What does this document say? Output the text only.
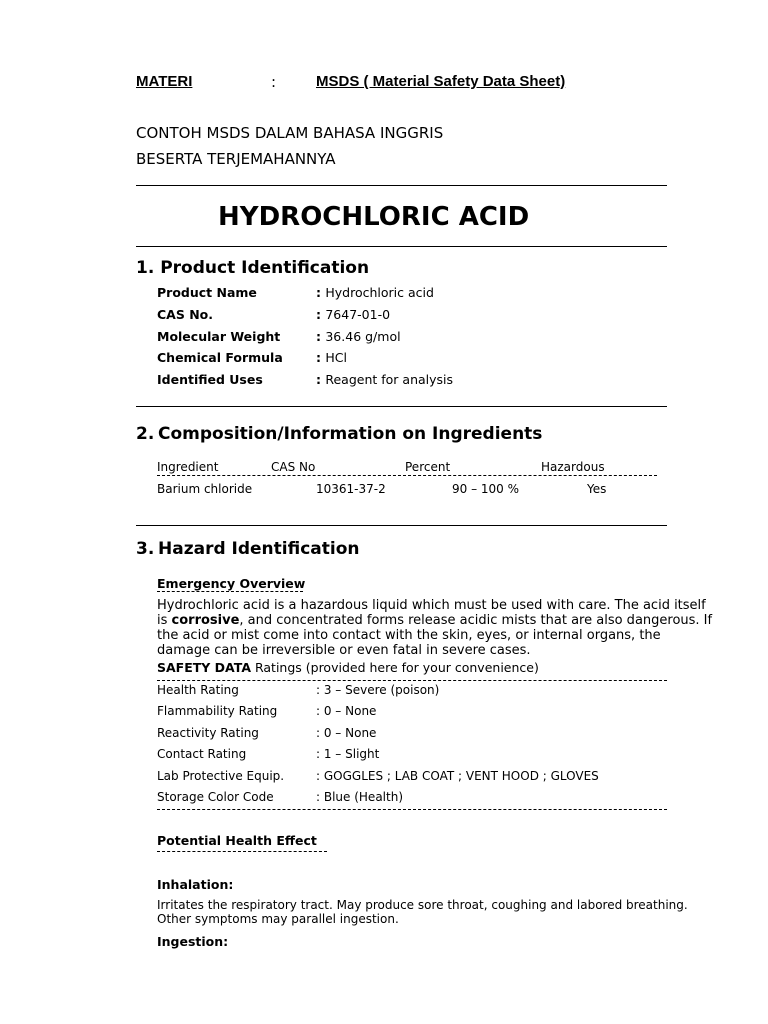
MATERI	:	MSDS ( Material Safety Data Sheet)
CONTOH MSDS DALAM BAHASA INGGRIS
BESERTA TERJEMAHANNYA
HYDROCHLORIC ACID
1. Product Identification
Product Name	: Hydrochloric acid
CAS No.	: 7647-01-0
Molecular Weight	: 36.46 g/mol
Chemical Formula	: HCl
Identified Uses	: Reagent for analysis
2. Composition/Information on Ingredients
Ingredient	CAS No	Percent	Hazardous
Barium chloride	10361-37-2	90 – 100 %	Yes
3. Hazard Identification
Emergency Overview
Hydrochloric acid is a hazardous liquid which must be used with care. The acid itself is corrosive, and concentrated forms release acidic mists that are also dangerous. If the acid or mist come into contact with the skin, eyes, or internal organs, the damage can be irreversible or even fatal in severe cases.
SAFETY DATA Ratings (provided here for your convenience)
Health Rating	: 3 – Severe (poison)
Flammability Rating	: 0 – None
Reactivity Rating	: 0 – None
Contact Rating	: 1 – Slight
Lab Protective Equip.	: GOGGLES ; LAB COAT ; VENT HOOD ; GLOVES
Storage Color Code	: Blue (Health)
Potential Health Effect
Inhalation:
Irritates the respiratory tract. May produce sore throat, coughing and labored breathing. Other symptoms may parallel ingestion.
Ingestion:
